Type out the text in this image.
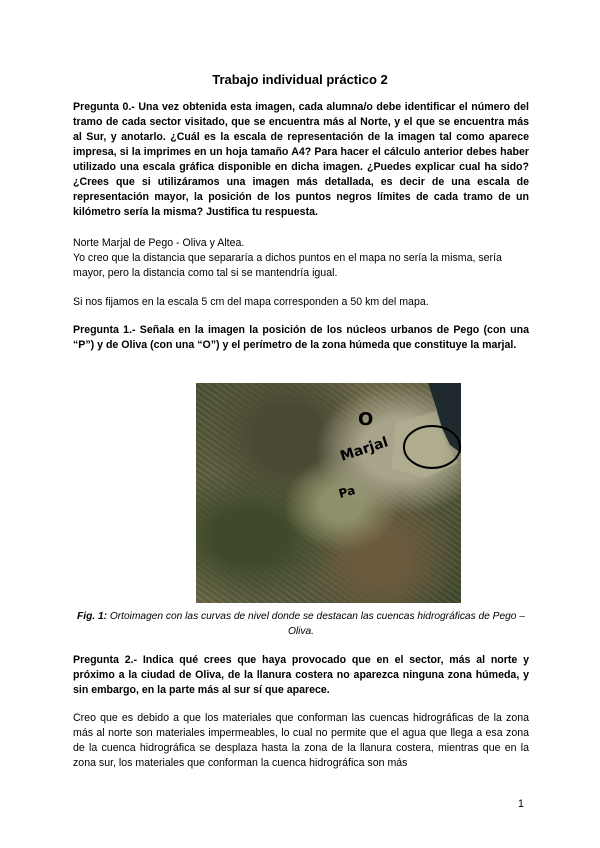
Trabajo individual práctico 2

Pregunta 0.- Una vez obtenida esta imagen, cada alumna/o debe identificar el número del tramo de cada sector visitado, que se encuentra más al Norte, y el que se encuentra más al Sur, y anotarlo. ¿Cuál es la escala de representación de la imagen tal como aparece impresa, si la imprimes en un hoja tamaño A4? Para hacer el cálculo anterior debes haber utilizado una escala gráfica disponible en dicha imagen. ¿Puedes explicar cual ha sido? ¿Crees que si utilizáramos una imagen más detallada, es decir de una escala de representación mayor, la posición de los puntos negros límites de cada tramo de un kilómetro sería la misma? Justifica tu respuesta.

Norte Marjal de Pego - Oliva y Altea.

Yo creo que la distancia que separaría a dichos puntos en el mapa no sería la misma, sería mayor, pero la distancia como tal si se mantendría igual.

Si nos fijamos en la escala 5 cm del mapa corresponden a 50 km del mapa.

Pregunta 1.- Señala en la imagen la posición de los núcleos urbanos de Pego (con una “P”) y de Oliva (con una “O”) y el perímetro de la zona húmeda que constituye la marjal.

O
Marjal
Pa
Fig. 1: Ortoimagen con las curvas de nivel donde se destacan las cuencas hidrográficas de Pego – Oliva.

Pregunta 2.- Indica qué crees que haya provocado que en el sector, más al norte y próximo a la ciudad de Oliva, de la llanura costera no aparezca ninguna zona húmeda, y sin embargo, en la parte más al sur sí que aparece.

Creo que es debido a que los materiales que conforman las cuencas hidrográficas de la zona más al norte son materiales impermeables, lo cual no permite que el agua que llega a esa zona de la cuenca hidrográfica se desplaza hasta la zona de la llanura costera, mientras que en la zona sur, los materiales que conforman la cuenca hidrográfica son más

1
